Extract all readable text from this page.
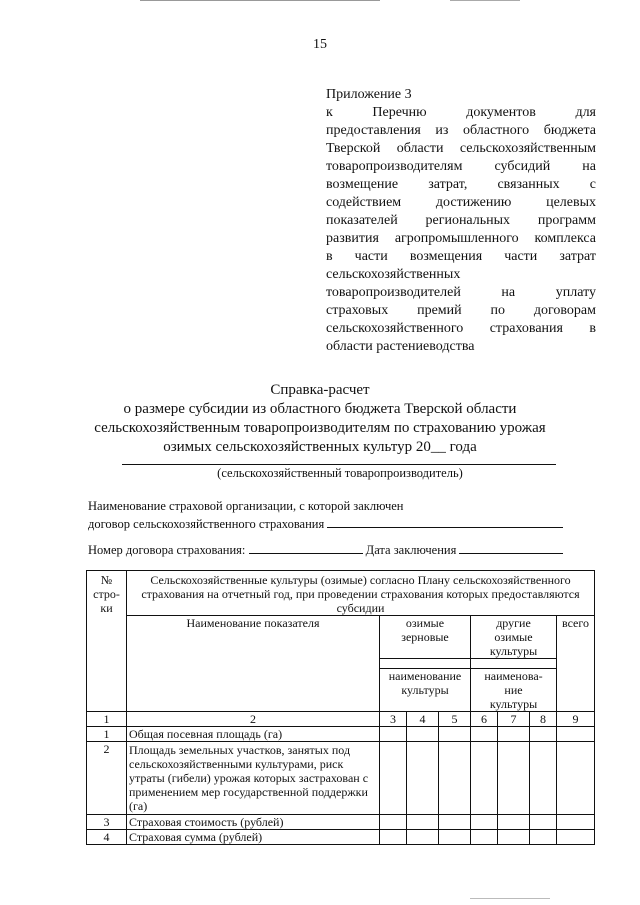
15
Приложение 3
к Перечню документов для
предоставления из областного бюджета
Тверской области сельскохозяйственным
товаропроизводителям субсидий на
возмещение затрат, связанных с
содействием достижению целевых
показателей региональных программ
развития агропромышленного комплекса
в части возмещения части затрат
сельскохозяйственных
товаропроизводителей на уплату
страховых премий по договорам
сельскохозяйственного страхования в
области растениеводства
Справка-расчет
о размере субсидии из областного бюджета Тверской области
сельскохозяйственным товаропроизводителям по страхованию урожая
озимых сельскохозяйственных культур 20__ года
(сельскохозяйственный товаропроизводитель)
Наименование страховой организации, с которой заключен
договор сельскохозяйственного страхования
Номер договора страхования:	Дата заключения
№ стро- ки	Сельскохозяйственные культуры (озимые) согласно Плану сельскохозяйственного страхования на отчетный год, при проведении страхования которых предоставляются субсидии							
	Наименование показателя	озимые зерновые			другие озимые культуры			всего

		наименование культуры			наименова- ние культуры			
1	2	3	4	5	6	7	8	9
1	Общая посевная площадь (га)							
2	Площадь земельных участков, занятых под сельскохозяйственными культурами, риск утраты (гибели) урожая которых застрахован с применением мер государственной поддержки (га)							
3	Страховая стоимость (рублей)							
4	Страховая сумма (рублей)							
